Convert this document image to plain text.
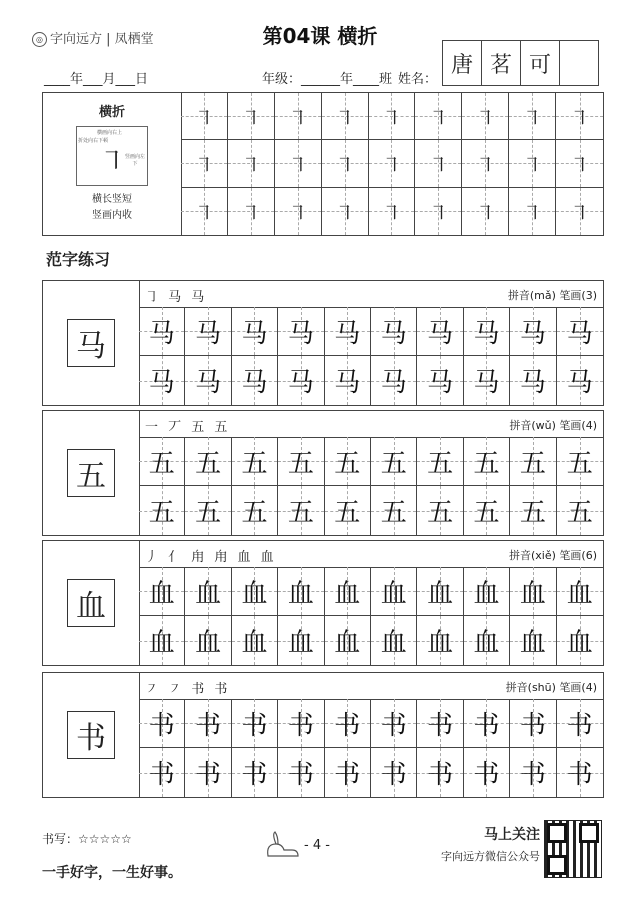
◎ 字向远方 | 凤栖堂	第04课 横折
____年___月___日	年级：______年____班 姓名：
唐 茗 可
横折
横画向右上
折处向右下顿
竖画向左下
㇕
横长竖短
竖画内收
㇕ ㇕ ㇕ ㇕ ㇕ ㇕ ㇕ ㇕ ㇕
㇕ ㇕ ㇕ ㇕ ㇕ ㇕ ㇕ ㇕ ㇕
㇕ ㇕ ㇕ ㇕ ㇕ ㇕ ㇕ ㇕ ㇕
范字练习
马
㇆ 马 马	拼音(mǎ) 笔画(3)
马 马 马 马 马 马 马 马 马 马
马 马 马 马 马 马 马 马 马 马
五
一 丆 五 五	拼音(wǔ) 笔画(4)
五 五 五 五 五 五 五 五 五 五
五 五 五 五 五 五 五 五 五 五
血
丿 亻 甪 甪 血 血	拼音(xiě) 笔画(6)
血 血 血 血 血 血 血 血 血 血
血 血 血 血 血 血 血 血 血 血
书
㇇ ㇇ 书 书	拼音(shū) 笔画(4)
书 书 书 书 书 书 书 书 书 书
书 书 书 书 书 书 书 书 书 书
书写：☆☆☆☆☆
一手好字，一生好事。
- 4 -
马上关注
字向远方微信公众号
